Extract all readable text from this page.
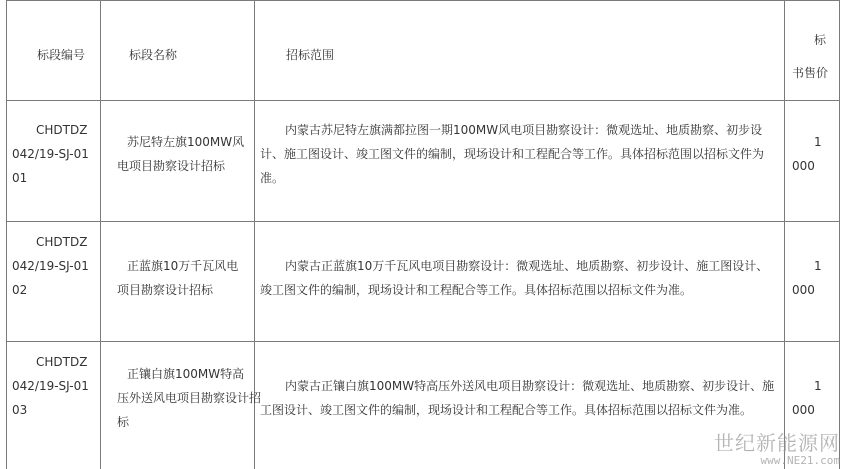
标段编号	标段名称	招标范围
标
书售价
CHDTDZ
042/19-SJ-01
01
苏尼特左旗100MW风
电项目勘察设计招标
内蒙古苏尼特左旗满都拉图一期100MW风电项目勘察设计：微观选址、地质勘察、初步设
计、施工图设计、竣工图文件的编制，现场设计和工程配合等工作。具体招标范围以招标文件为
准。
1
000
CHDTDZ
042/19-SJ-01
02
正蓝旗10万千瓦风电
项目勘察设计招标
内蒙古正蓝旗10万千瓦风电项目勘察设计：微观选址、地质勘察、初步设计、施工图设计、
竣工图文件的编制，现场设计和工程配合等工作。具体招标范围以招标文件为准。
1
000
CHDTDZ
042/19-SJ-01
03
正镶白旗100MW特高
压外送风电项目勘察设计招
标
内蒙古正镶白旗100MW特高压外送风电项目勘察设计：微观选址、地质勘察、初步设计、施
工图设计、竣工图文件的编制，现场设计和工程配合等工作。具体招标范围以招标文件为准。
1
000
世纪新能源网
www.NE21.com
